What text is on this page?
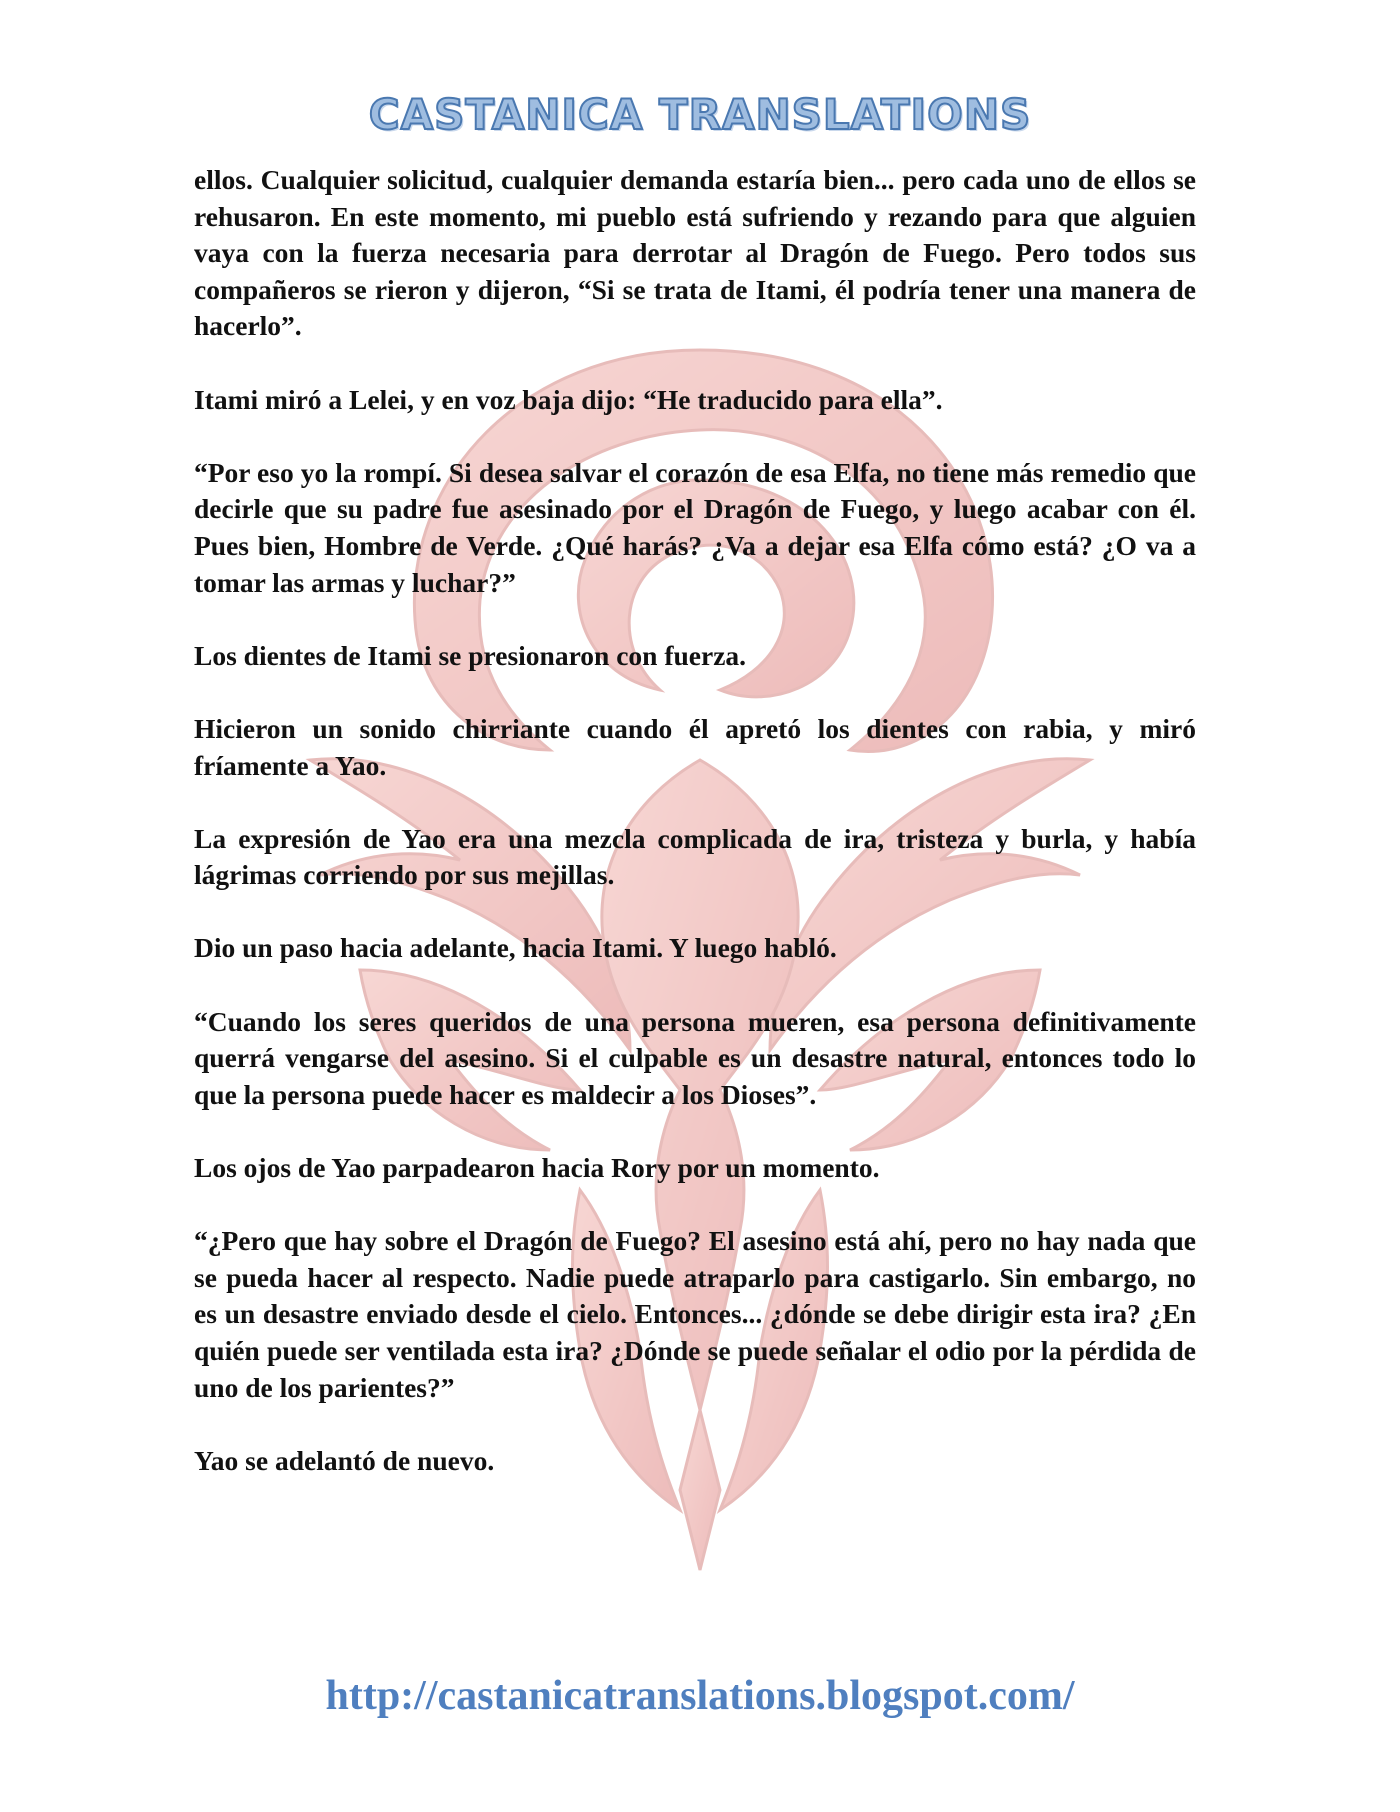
CASTANICA TRANSLATIONS

ellos. Cualquier solicitud, cualquier demanda estaría bien... pero cada uno de ellos se rehusaron. En este momento, mi pueblo está sufriendo y rezando para que alguien vaya con la fuerza necesaria para derrotar al Dragón de Fuego. Pero todos sus compañeros se rieron y dijeron, “Si se trata de Itami, él podría tener una manera de hacerlo”.

Itami miró a Lelei, y en voz baja dijo: “He traducido para ella”.

“Por eso yo la rompí. Si desea salvar el corazón de esa Elfa, no tiene más remedio que decirle que su padre fue asesinado por el Dragón de Fuego, y luego acabar con él. Pues bien, Hombre de Verde. ¿Qué harás? ¿Va a dejar esa Elfa cómo está? ¿O va a tomar las armas y luchar?”

Los dientes de Itami se presionaron con fuerza.

Hicieron un sonido chirriante cuando él apretó los dientes con rabia, y miró fríamente a Yao.

La expresión de Yao era una mezcla complicada de ira, tristeza y burla, y había lágrimas corriendo por sus mejillas.

Dio un paso hacia adelante, hacia Itami. Y luego habló.

“Cuando los seres queridos de una persona mueren, esa persona definitivamente querrá vengarse del asesino. Si el culpable es un desastre natural, entonces todo lo que la persona puede hacer es maldecir a los Dioses”.

Los ojos de Yao parpadearon hacia Rory por un momento.

“¿Pero que hay sobre el Dragón de Fuego? El asesino está ahí, pero no hay nada que se pueda hacer al respecto. Nadie puede atraparlo para castigarlo. Sin embargo, no es un desastre enviado desde el cielo. Entonces... ¿dónde se debe dirigir esta ira? ¿En quién puede ser ventilada esta ira? ¿Dónde se puede señalar el odio por la pérdida de uno de los parientes?”

Yao se adelantó de nuevo.

http://castanicatranslations.blogspot.com/
